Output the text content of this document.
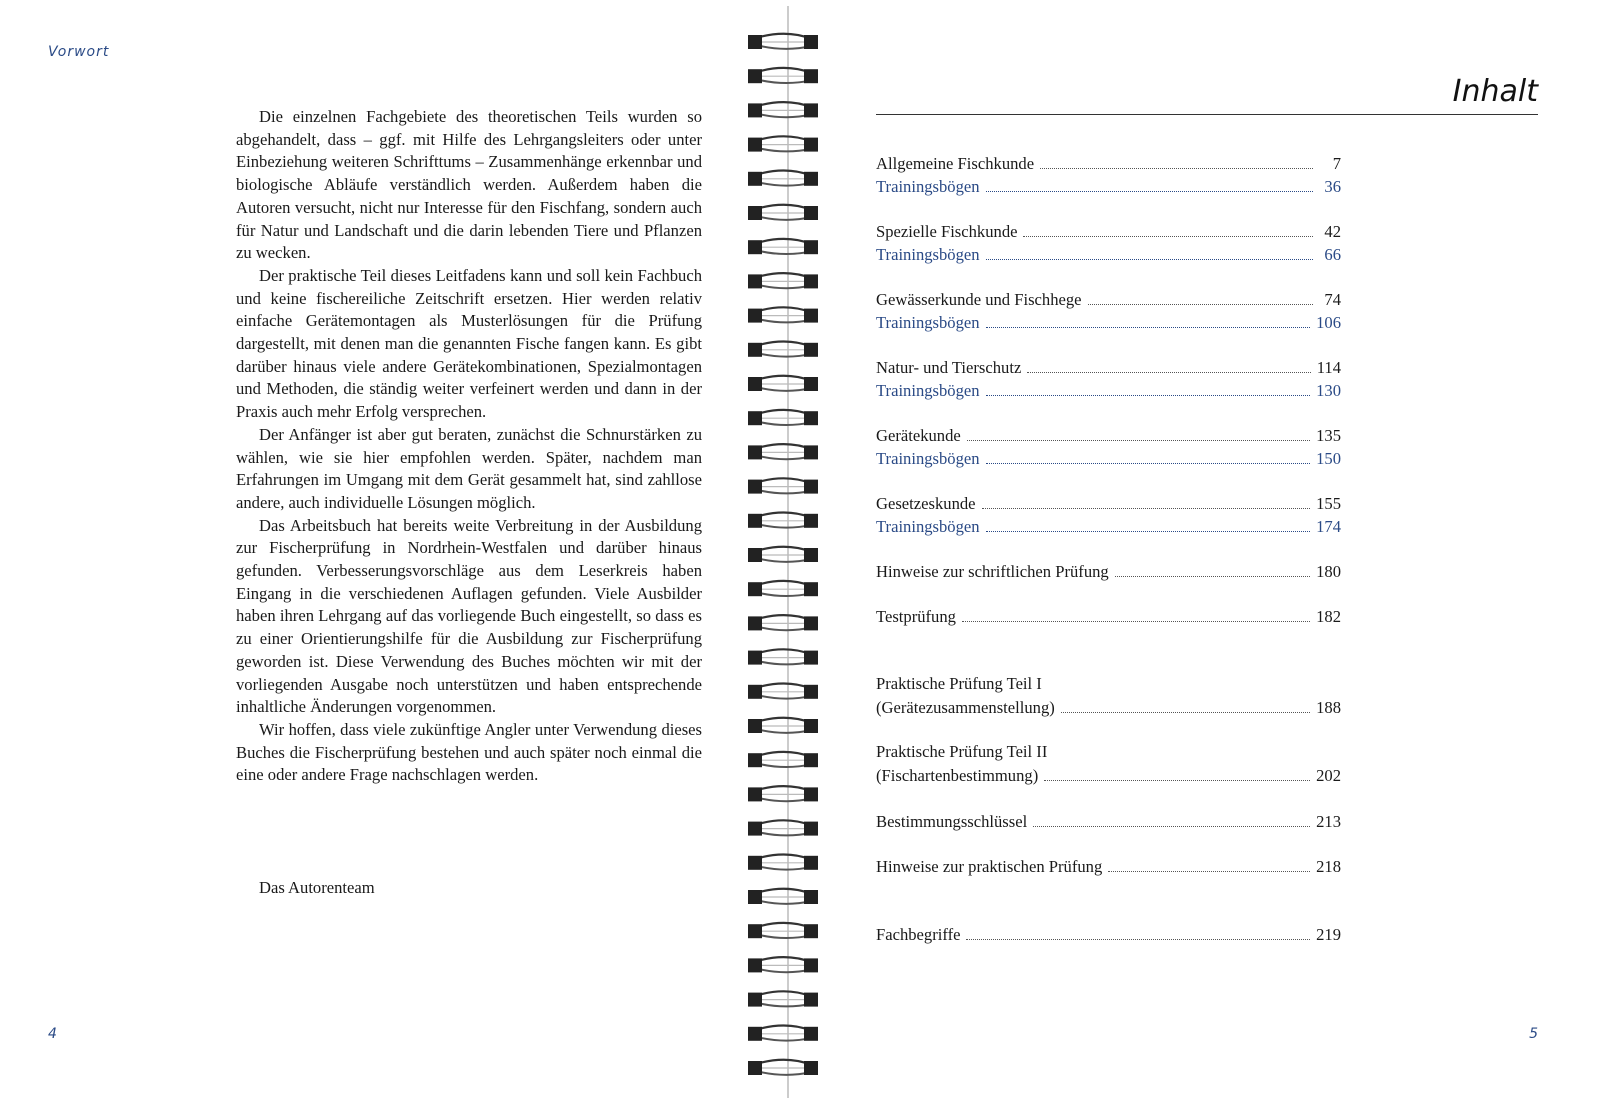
Vorwort

Die einzelnen Fachgebiete des theoretischen Teils wurden so abgehandelt, dass – ggf. mit Hilfe des Lehrgangsleiters oder unter Einbeziehung weiteren Schrifttums – Zusammenhänge erkennbar und biologische Abläufe verständlich werden. Außerdem haben die Autoren versucht, nicht nur Interesse für den Fischfang, sondern auch für Natur und Landschaft und die darin lebenden Tiere und Pflanzen zu wecken.

Der praktische Teil dieses Leitfadens kann und soll kein Fachbuch und keine fischereiliche Zeitschrift ersetzen. Hier werden relativ einfache Gerätemontagen als Musterlösungen für die Prüfung dargestellt, mit denen man die genannten Fische fangen kann. Es gibt darüber hinaus viele andere Gerätekombinationen, Spezialmontagen und Methoden, die ständig weiter verfeinert werden und dann in der Praxis auch mehr Erfolg versprechen.

Der Anfänger ist aber gut beraten, zunächst die Schnurstärken zu wählen, wie sie hier empfohlen werden. Später, nachdem man Erfahrungen im Umgang mit dem Gerät gesammelt hat, sind zahllose andere, auch individuelle Lösungen möglich.

Das Arbeitsbuch hat bereits weite Verbreitung in der Ausbildung zur Fischerprüfung in Nordrhein-Westfalen und darüber hinaus gefunden. Verbesserungsvorschläge aus dem Leserkreis haben Eingang in die verschiedenen Auflagen gefunden. Viele Ausbilder haben ihren Lehrgang auf das vorliegende Buch eingestellt, so dass es zu einer Orientierungshilfe für die Ausbildung zur Fischerprüfung geworden ist. Diese Verwendung des Buches möchten wir mit der vorliegenden Ausgabe noch unterstützen und haben entsprechende inhaltliche Änderungen vorgenommen.

Wir hoffen, dass viele zukünftige Angler unter Verwendung dieses Buches die Fischerprüfung bestehen und auch später noch einmal die eine oder andere Frage nachschlagen werden.

Das Autorenteam
4
Inhalt
Allgemeine Fischkunde	7
Trainingsbögen	36
Spezielle Fischkunde	42
Trainingsbögen	66
Gewässerkunde und Fischhege	74
Trainingsbögen	106
Natur- und Tierschutz	114
Trainingsbögen	130
Gerätekunde	135
Trainingsbögen	150
Gesetzeskunde	155
Trainingsbögen	174
Hinweise zur schriftlichen Prüfung	180
Testprüfung	182
Praktische Prüfung Teil I
(Gerätezusammenstellung)	188
Praktische Prüfung Teil II
(Fischartenbestimmung)	202
Bestimmungsschlüssel	213
Hinweise zur praktischen Prüfung	218
Fachbegriffe	219
5
